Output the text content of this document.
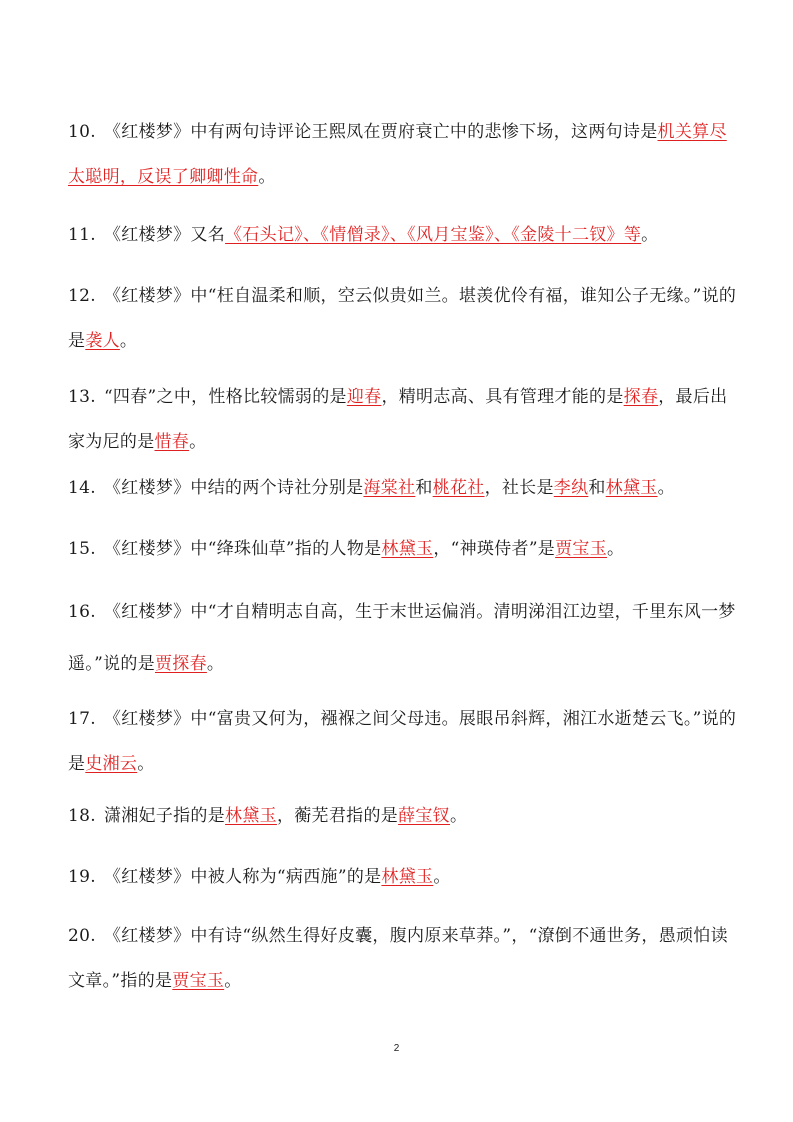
10. 《红楼梦》中有两句诗评论王熙凤在贾府衰亡中的悲惨下场，这两句诗是机关算尽太聪明，反误了卿卿性命。
11. 《红楼梦》又名《石头记》、《情僧录》、《风月宝鉴》、《金陵十二钗》等。
12. 《红楼梦》中“枉自温柔和顺，空云似贵如兰。堪羡优伶有福，谁知公子无缘。”说的是袭人。
13. “四春”之中，性格比较懦弱的是迎春，精明志高、具有管理才能的是探春，最后出家为尼的是惜春。
14. 《红楼梦》中结的两个诗社分别是海棠社和桃花社，社长是李纨和林黛玉。
15. 《红楼梦》中“绛珠仙草”指的人物是林黛玉，“神瑛侍者”是贾宝玉。
16. 《红楼梦》中“才自精明志自高，生于末世运偏消。清明涕泪江边望，千里东风一梦遥。”说的是贾探春。
17. 《红楼梦》中“富贵又何为，襁褓之间父母违。展眼吊斜辉，湘江水逝楚云飞。”说的是史湘云。
18. 潇湘妃子指的是林黛玉，蘅芜君指的是薛宝钗。
19. 《红楼梦》中被人称为“病西施”的是林黛玉。
20. 《红楼梦》中有诗“纵然生得好皮囊，腹内原来草莽。”，“潦倒不通世务，愚顽怕读文章。”指的是贾宝玉。
2
